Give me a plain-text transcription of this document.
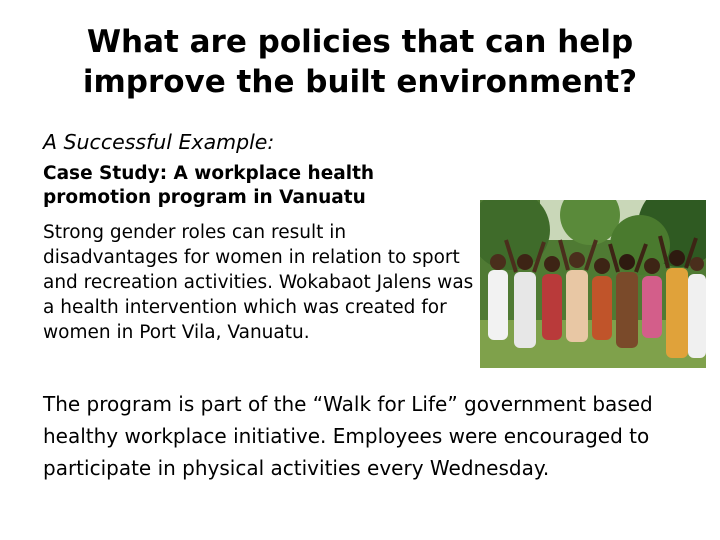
What are policies that can help improve the built environment?
A Successful Example:
Case Study: A workplace health promotion program in Vanuatu
Strong gender roles can result in disadvantages for women in relation to sport and recreation activities. Wokabaot Jalens was a health intervention which was created for women in Port Vila, Vanuatu.
The program is part of the “Walk for Life” government based healthy workplace initiative. Employees were encouraged to participate in physical activities every Wednesday.
